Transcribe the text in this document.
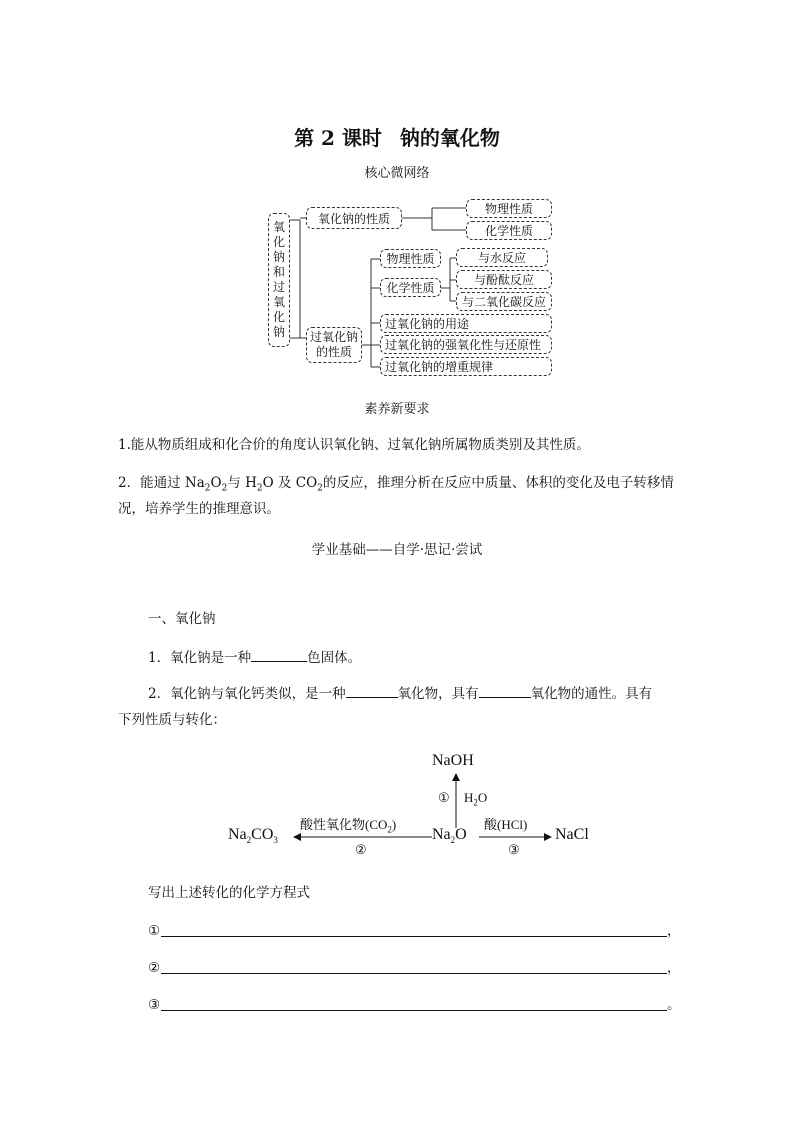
第 2 课时 钠的氧化物
核心微网络
氧化钠和过氧化钠
氧化钠的性质
物理性质
化学性质
过氧化钠
的性质
物理性质
化学性质
与水反应
与酚酞反应
与二氧化碳反应
过氧化钠的用途
过氧化钠的强氧化性与还原性
过氧化钠的增重规律
素养新要求
1.能从物质组成和化合价的角度认识氧化钠、过氧化钠所属物质类别及其性质。
2．能通过 $Na_2O_2$与 $H_2O$ 及 $CO_2$的反应，推理分析在反应中质量、体积的变化及电子转移情
况，培养学生的推理意识。
学业基础——自学·思记·尝试
一、氧化钠
1．氧化钠是一种	色固体。
2．氧化钠与氧化钙类似，是一种	氧化物，具有	氧化物的通性。具有
下列性质与转化：
NaOH
① $H_2O$
酸性氧化物$(CO_2)$	酸(HCl)
$Na_2CO_3$	$Na_2O$	NaCl
②	③
写出上述转化的化学方程式
①	，
②	，
③	。
